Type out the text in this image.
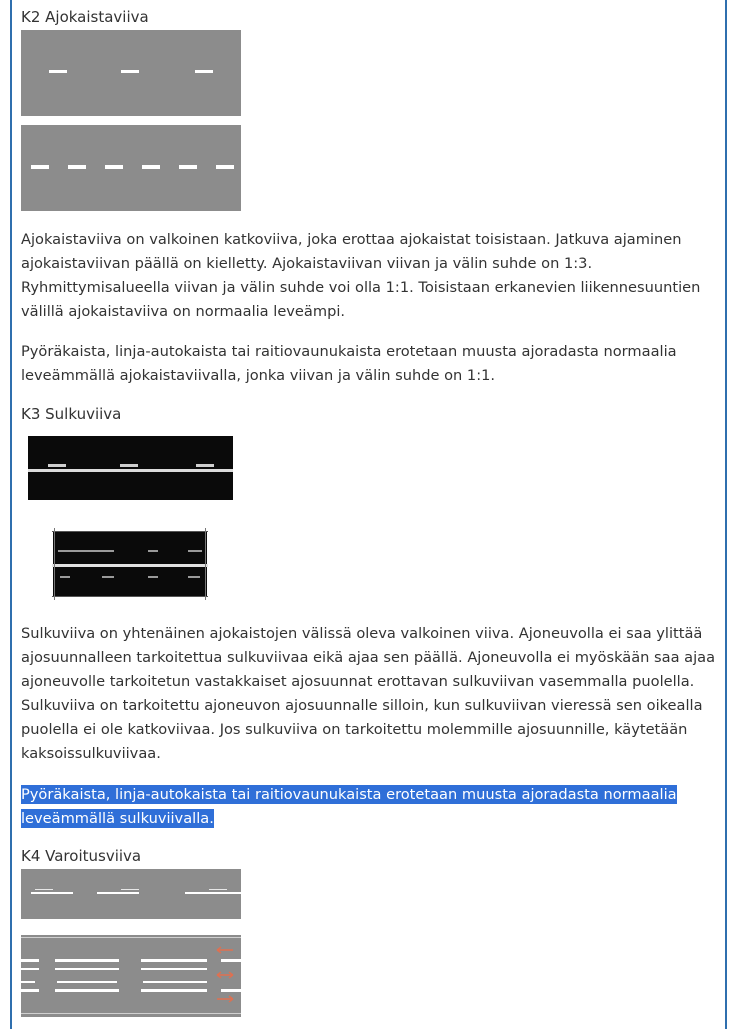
K2 Ajokaistaviiva

Ajokaistaviiva on valkoinen katkoviiva, joka erottaa ajokaistat toisistaan. Jatkuva ajaminen ajokaistaviivan päällä on kielletty. Ajokaistaviivan viivan ja välin suhde on 1:3. Ryhmittymisalueella viivan ja välin suhde voi olla 1:1. Toisistaan erkanevien liikennesuuntien välillä ajokaistaviiva on normaalia leveämpi.

Pyöräkaista, linja-autokaista tai raitiovaunukaista erotetaan muusta ajoradasta normaalia leveämmällä ajokaistaviivalla, jonka viivan ja välin suhde on 1:1.

K3 Sulkuviiva

Sulkuviiva on yhtenäinen ajokaistojen välissä oleva valkoinen viiva. Ajoneuvolla ei saa ylittää ajosuunnalleen tarkoitettua sulkuviivaa eikä ajaa sen päällä. Ajoneuvolla ei myöskään saa ajaa ajoneuvolle tarkoitetun vastakkaiset ajosuunnat erottavan sulkuviivan vasemmalla puolella. Sulkuviiva on tarkoitettu ajoneuvon ajosuunnalle silloin, kun sulkuviivan vieressä sen oikealla puolella ei ole katkoviivaa. Jos sulkuviiva on tarkoitettu molemmille ajosuunnille, käytetään kaksoissulkuviivaa.

Pyöräkaista, linja-autokaista tai raitiovaunukaista erotetaan muusta ajoradasta normaalia leveämmällä sulkuviivalla.

K4 Varoitusviiva
